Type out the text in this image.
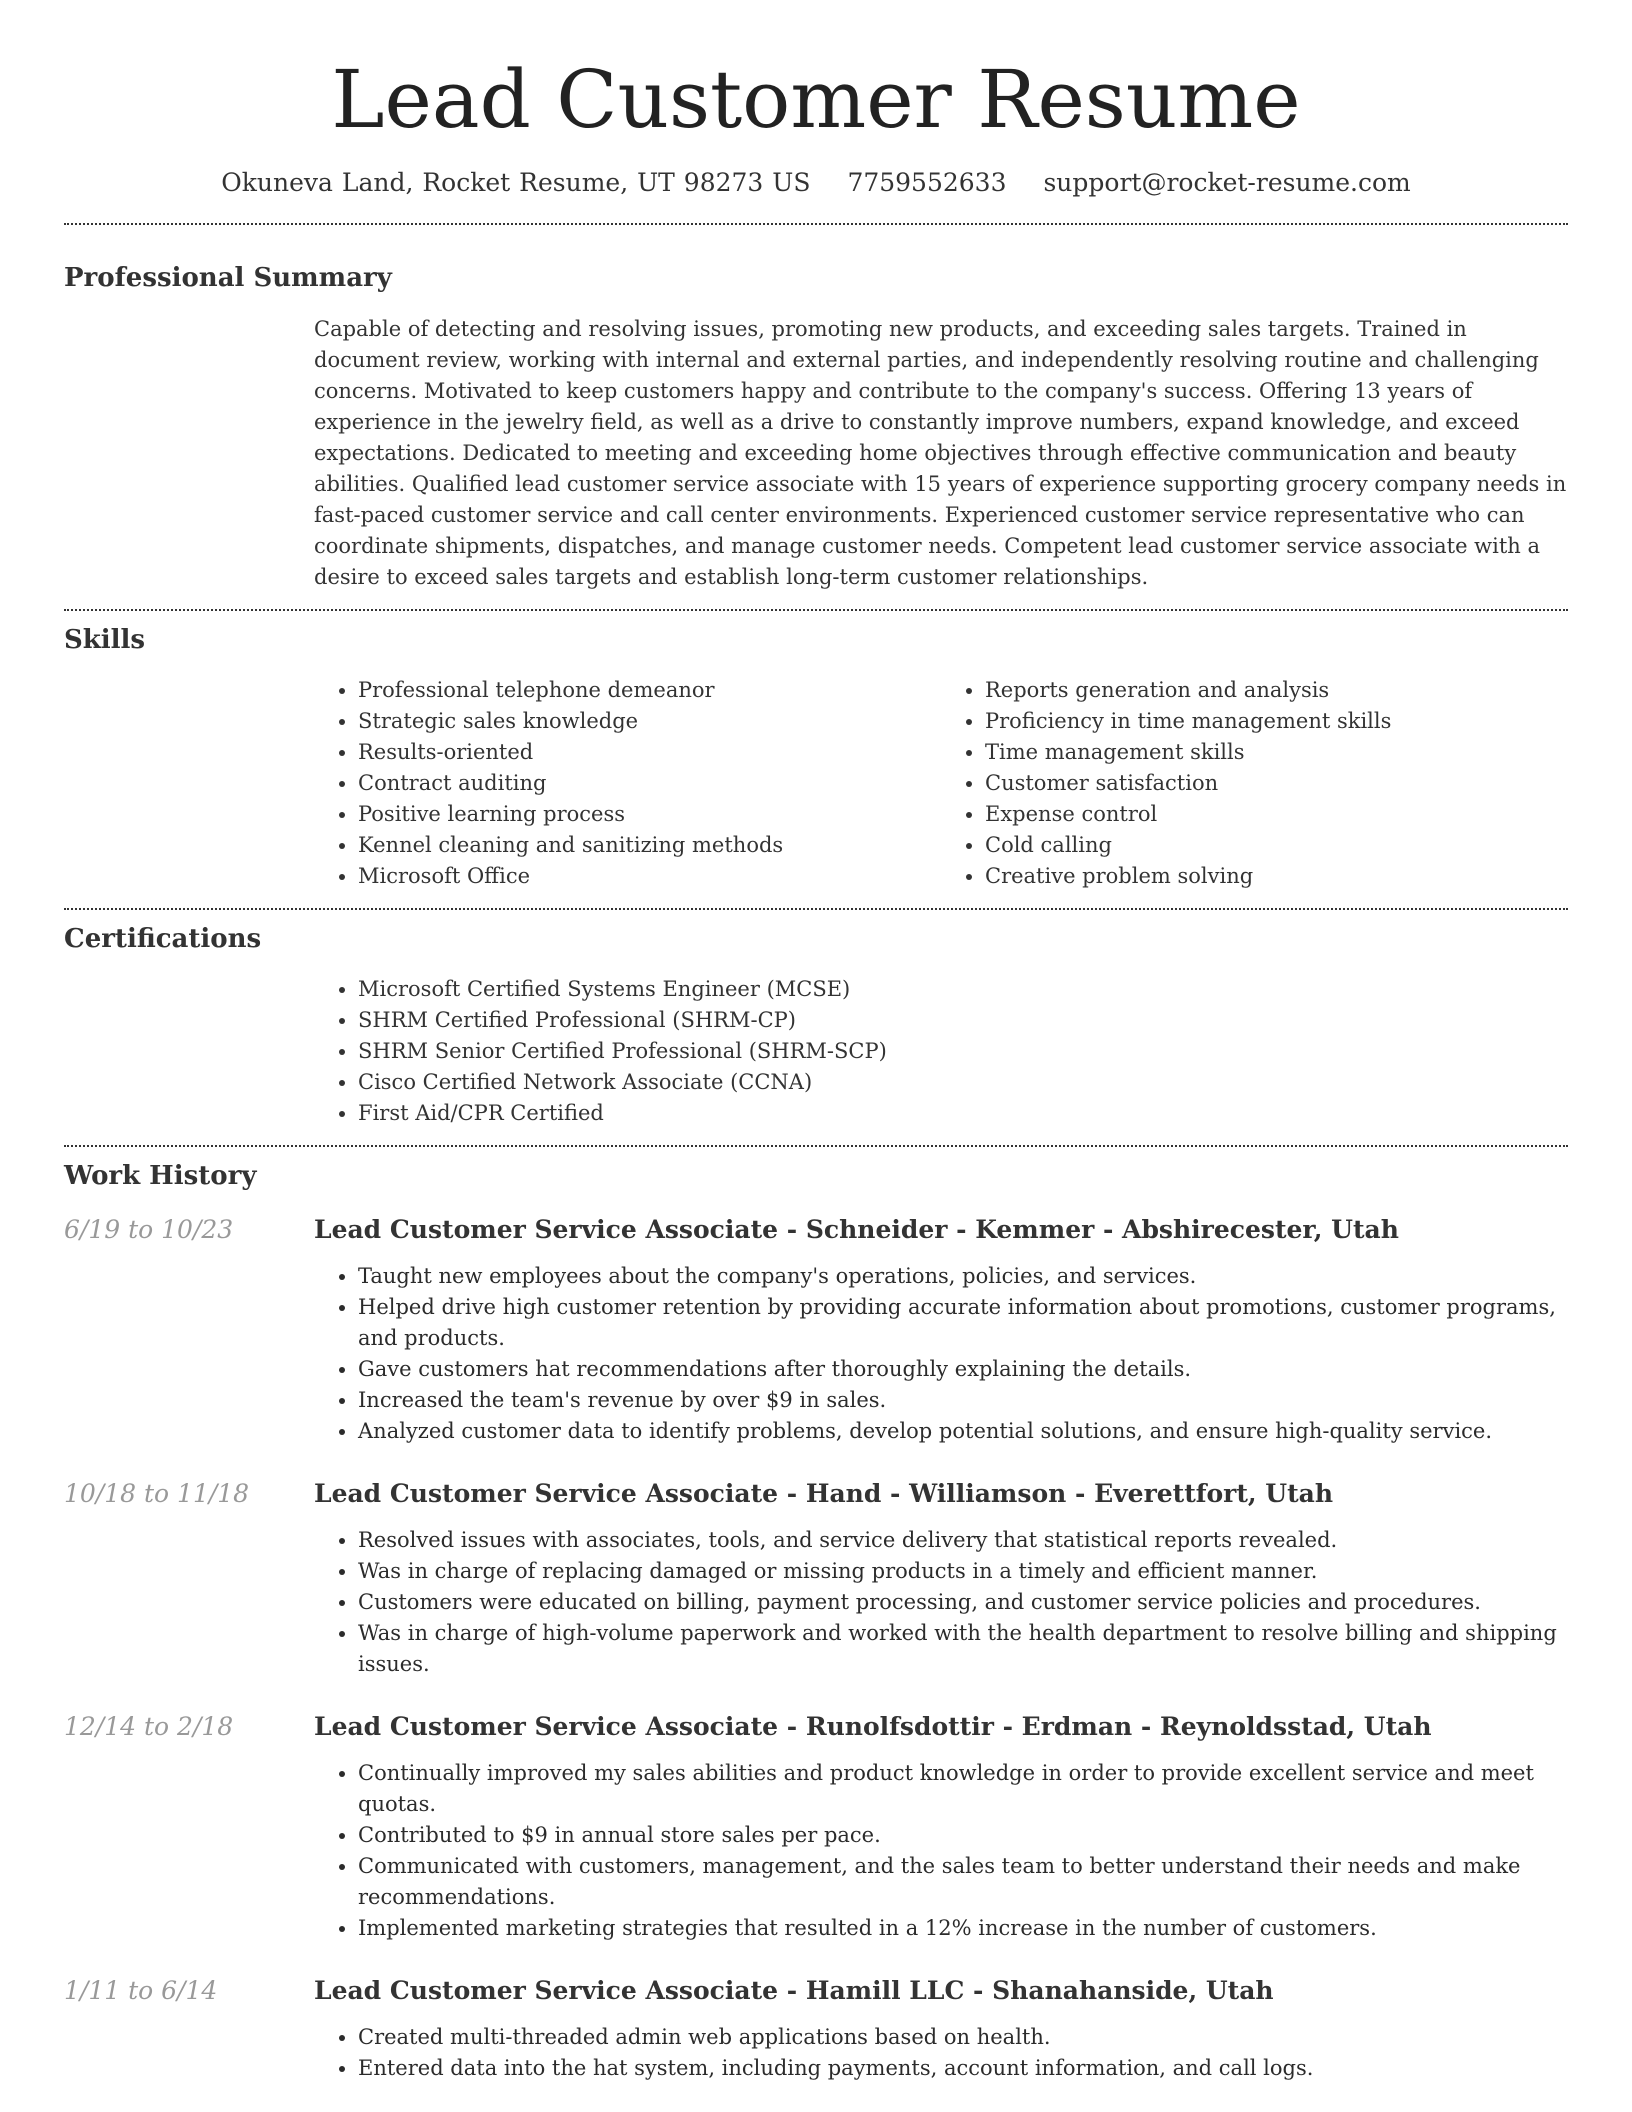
Lead Customer Resume
Okuneva Land, Rocket Resume, UT 98273 US 7759552633 support@rocket-resume.com
Professional Summary

Capable of detecting and resolving issues, promoting new products, and exceeding sales targets. Trained in document review, working with internal and external parties, and independently resolving routine and challenging concerns. Motivated to keep customers happy and contribute to the company's success. Offering 13 years of experience in the jewelry field, as well as a drive to constantly improve numbers, expand knowledge, and exceed expectations. Dedicated to meeting and exceeding home objectives through effective communication and beauty abilities. Qualified lead customer service associate with 15 years of experience supporting grocery company needs in fast-paced customer service and call center environments. Experienced customer service representative who can coordinate shipments, dispatches, and manage customer needs. Competent lead customer service associate with a desire to exceed sales targets and establish long-term customer relationships.

Skills
• Professional telephone demeanor
• Strategic sales knowledge
• Results-oriented
• Contract auditing
• Positive learning process
• Kennel cleaning and sanitizing methods
• Microsoft Office
• Reports generation and analysis
• Proficiency in time management skills
• Time management skills
• Customer satisfaction
• Expense control
• Cold calling
• Creative problem solving
Certifications
• Microsoft Certified Systems Engineer (MCSE)
• SHRM Certified Professional (SHRM-CP)
• SHRM Senior Certified Professional (SHRM-SCP)
• Cisco Certified Network Associate (CCNA)
• First Aid/CPR Certified
Work History
6/19 to 10/23	Lead Customer Service Associate - Schneider - Kemmer - Abshirecester, Utah
• Taught new employees about the company's operations, policies, and services.
• Helped drive high customer retention by providing accurate information about promotions, customer programs, and products.
• Gave customers hat recommendations after thoroughly explaining the details.
• Increased the team's revenue by over $9 in sales.
• Analyzed customer data to identify problems, develop potential solutions, and ensure high-quality service.
10/18 to 11/18	Lead Customer Service Associate - Hand - Williamson - Everettfort, Utah
• Resolved issues with associates, tools, and service delivery that statistical reports revealed.
• Was in charge of replacing damaged or missing products in a timely and efficient manner.
• Customers were educated on billing, payment processing, and customer service policies and procedures.
• Was in charge of high-volume paperwork and worked with the health department to resolve billing and shipping issues.
12/14 to 2/18	Lead Customer Service Associate - Runolfsdottir - Erdman - Reynoldsstad, Utah
• Continually improved my sales abilities and product knowledge in order to provide excellent service and meet quotas.
• Contributed to $9 in annual store sales per pace.
• Communicated with customers, management, and the sales team to better understand their needs and make recommendations.
• Implemented marketing strategies that resulted in a 12% increase in the number of customers.
1/11 to 6/14	Lead Customer Service Associate - Hamill LLC - Shanahanside, Utah
• Created multi-threaded admin web applications based on health.
• Entered data into the hat system, including payments, account information, and call logs.
